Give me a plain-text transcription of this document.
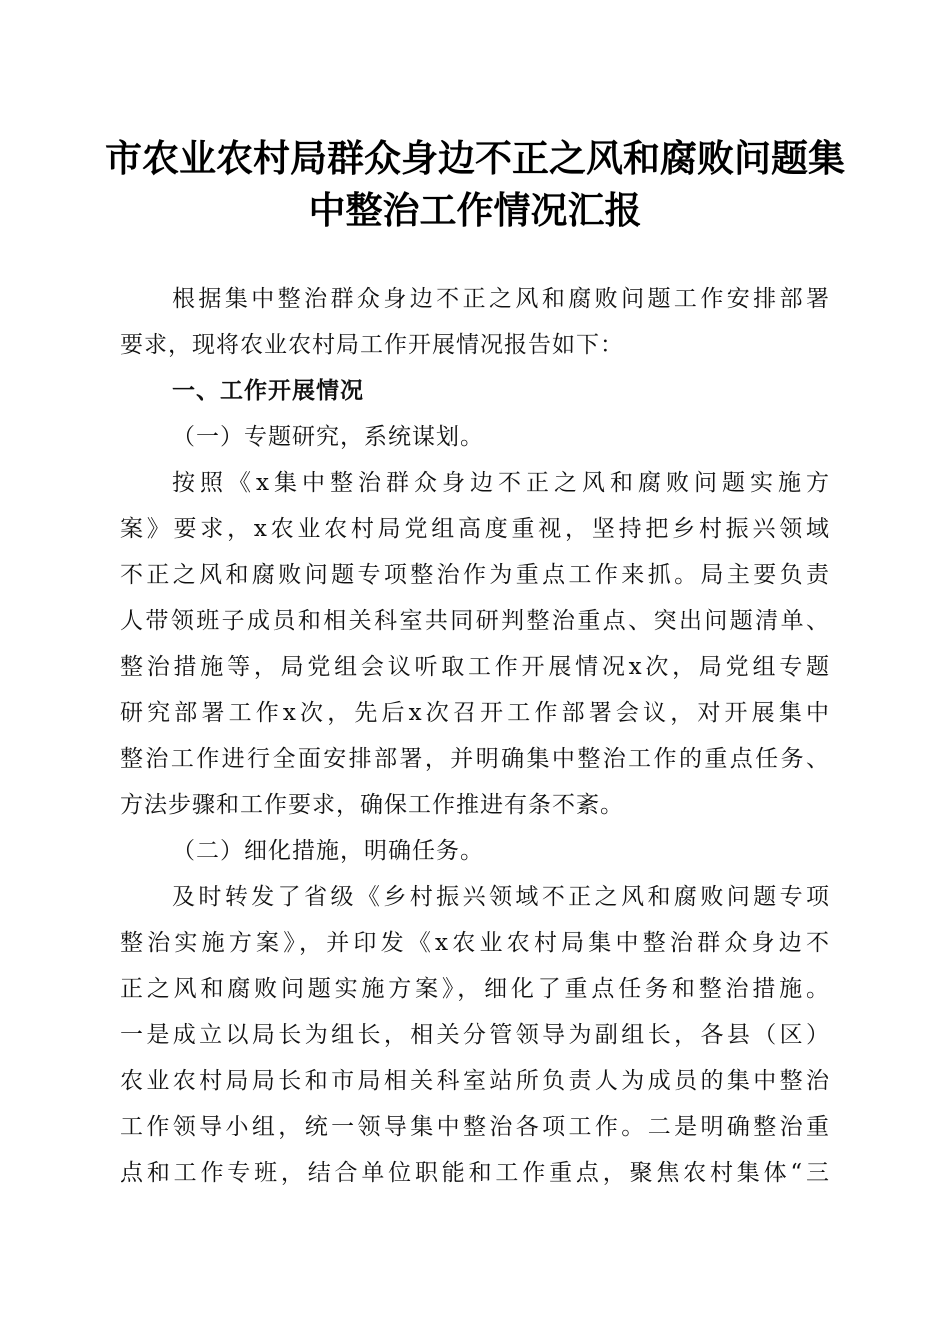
市农业农村局群众身边不正之风和腐败问题集
中整治工作情况汇报
根据集中整治群众身边不正之风和腐败问题工作安排部署
要求，现将农业农村局工作开展情况报告如下：
一、工作开展情况
（一）专题研究，系统谋划。
按照《x集中整治群众身边不正之风和腐败问题实施方
案》要求，x农业农村局党组高度重视，坚持把乡村振兴领域
不正之风和腐败问题专项整治作为重点工作来抓。局主要负责
人带领班子成员和相关科室共同研判整治重点、突出问题清单、
整治措施等，局党组会议听取工作开展情况x次，局党组专题
研究部署工作x次，先后x次召开工作部署会议，对开展集中
整治工作进行全面安排部署，并明确集中整治工作的重点任务、
方法步骤和工作要求，确保工作推进有条不紊。
（二）细化措施，明确任务。
及时转发了省级《乡村振兴领域不正之风和腐败问题专项
整治实施方案》，并印发《x农业农村局集中整治群众身边不
正之风和腐败问题实施方案》，细化了重点任务和整治措施。
一是成立以局长为组长，相关分管领导为副组长，各县（区）
农业农村局局长和市局相关科室站所负责人为成员的集中整治
工作领导小组，统一领导集中整治各项工作。二是明确整治重
点和工作专班，结合单位职能和工作重点，聚焦农村集体“三
